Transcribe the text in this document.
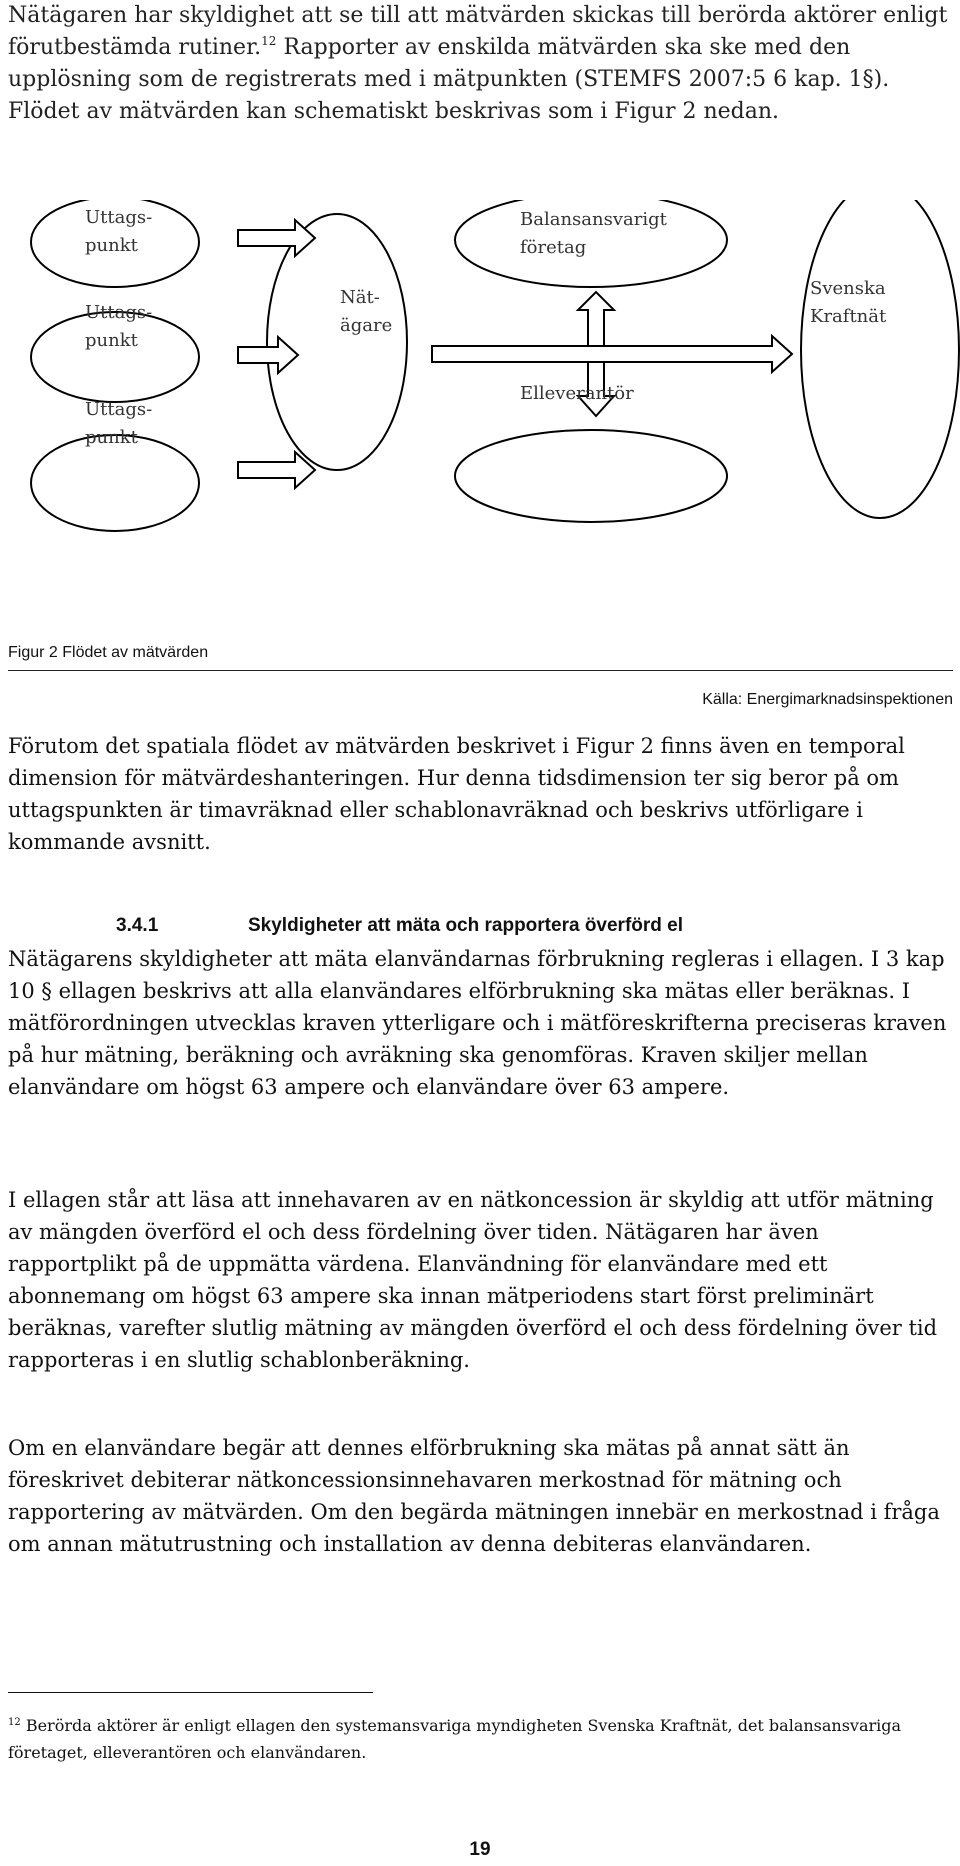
Nätägaren har skyldighet att se till att mätvärden skickas till berörda aktörer enligt förutbestämda rutiner.$^{12}$ Rapporter av enskilda mätvärden ska ske med den upplösning som de registrerats med i mätpunkten (STEMFS 2007:5 6 kap. 1§). Flödet av mätvärden kan schematiskt beskrivas som i Figur 2 nedan.

Uttags-
punkt
Uttags-
punkt
Uttags-
punkt
Nät-
ägare
Balansansvarigt
företag
Elleverantör
Svenska
Kraftnät
Figur 2 Flödet av mätvärden
Källa: Energimarknadsinspektionen

Förutom det spatiala flödet av mätvärden beskrivet i Figur 2 finns även en temporal dimension för mätvärdeshanteringen. Hur denna tidsdimension ter sig beror på om uttagspunkten är timavräknad eller schablonavräknad och beskrivs utförligare i kommande avsnitt.

3.4.1	Skyldigheter att mäta och rapportera överförd el

Nätägarens skyldigheter att mäta elanvändarnas förbrukning regleras i ellagen. I 3 kap 10 § ellagen beskrivs att alla elanvändares elförbrukning ska mätas eller beräknas. I mätförordningen utvecklas kraven ytterligare och i mätföreskrifterna preciseras kraven på hur mätning, beräkning och avräkning ska genomföras. Kraven skiljer mellan elanvändare om högst 63 ampere och elanvändare över 63 ampere.

I ellagen står att läsa att innehavaren av en nätkoncession är skyldig att utför mätning av mängden överförd el och dess fördelning över tiden. Nätägaren har även rapportplikt på de uppmätta värdena. Elanvändning för elanvändare med ett abonnemang om högst 63 ampere ska innan mätperiodens start först preliminärt beräknas, varefter slutlig mätning av mängden överförd el och dess fördelning över tid rapporteras i en slutlig schablonberäkning.

Om en elanvändare begär att dennes elförbrukning ska mätas på annat sätt än föreskrivet debiterar nätkoncessionsinnehavaren merkostnad för mätning och rapportering av mätvärden. Om den begärda mätningen innebär en merkostnad i fråga om annan mätutrustning och installation av denna debiteras elanvändaren.

$^{12}$ Berörda aktörer är enligt ellagen den systemansvariga myndigheten Svenska Kraftnät, det balansansvariga företaget, elleverantören och elanvändaren.
19
